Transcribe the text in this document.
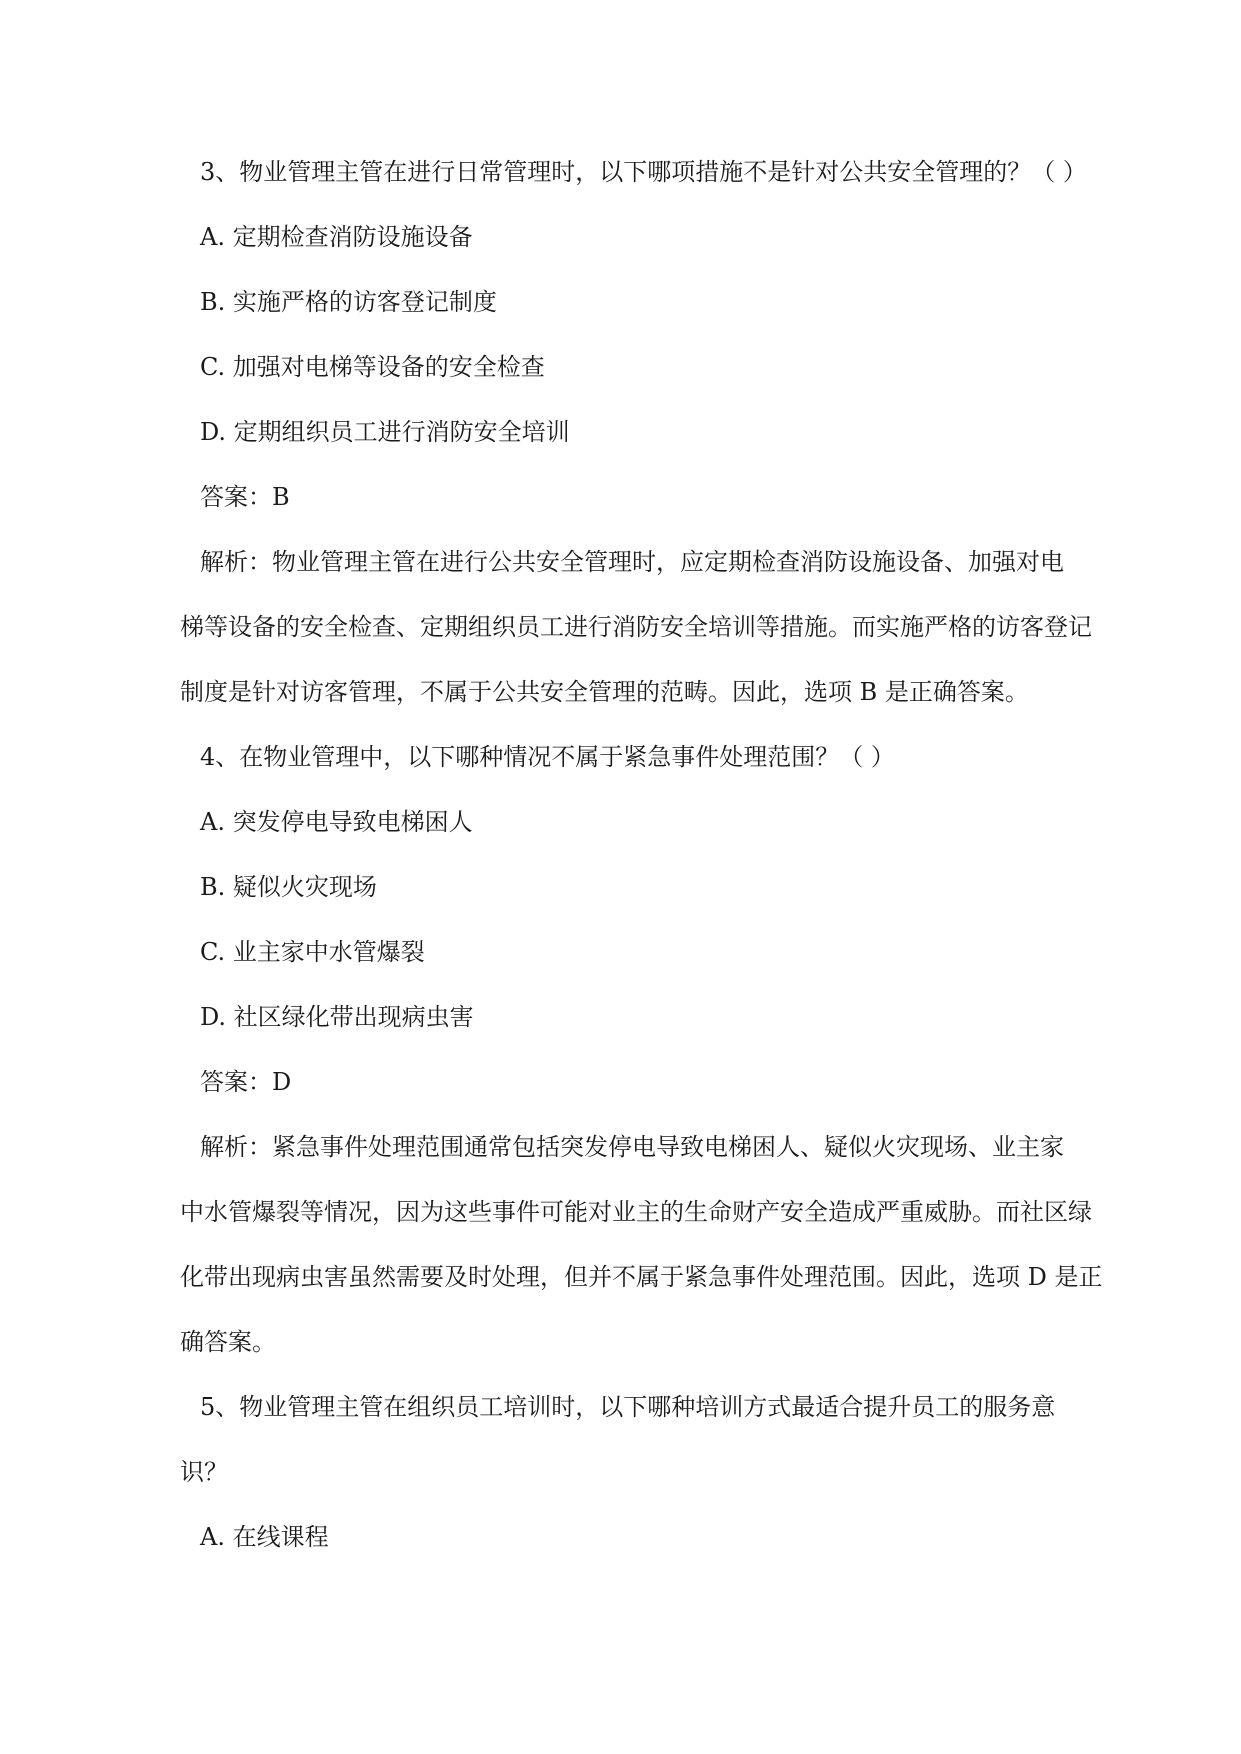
3、物业管理主管在进行日常管理时，以下哪项措施不是针对公共安全管理的？（ ）
A. 定期检查消防设施设备
B. 实施严格的访客登记制度
C. 加强对电梯等设备的安全检查
D. 定期组织员工进行消防安全培训
答案：B
解析：物业管理主管在进行公共安全管理时，应定期检查消防设施设备、加强对电
梯等设备的安全检查、定期组织员工进行消防安全培训等措施。而实施严格的访客登记
制度是针对访客管理，不属于公共安全管理的范畴。因此，选项 B 是正确答案。
4、在物业管理中，以下哪种情况不属于紧急事件处理范围？（ ）
A. 突发停电导致电梯困人
B. 疑似火灾现场
C. 业主家中水管爆裂
D. 社区绿化带出现病虫害
答案：D
解析：紧急事件处理范围通常包括突发停电导致电梯困人、疑似火灾现场、业主家
中水管爆裂等情况，因为这些事件可能对业主的生命财产安全造成严重威胁。而社区绿
化带出现病虫害虽然需要及时处理，但并不属于紧急事件处理范围。因此，选项 D 是正
确答案。
5、物业管理主管在组织员工培训时，以下哪种培训方式最适合提升员工的服务意
识？
A. 在线课程
